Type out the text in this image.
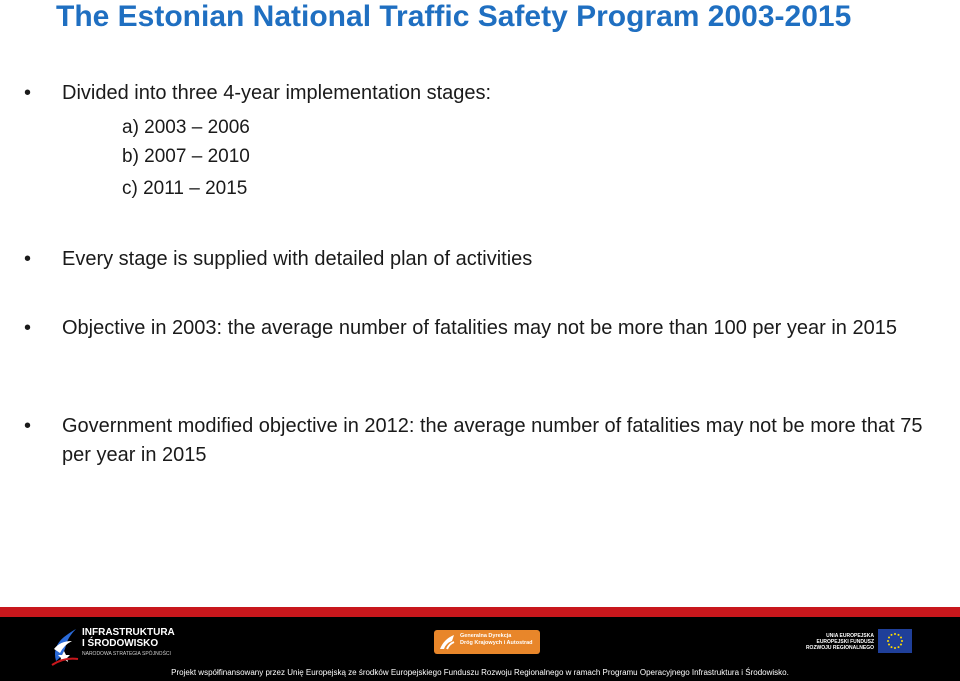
The Estonian National Traffic Safety Program 2003-2015
• Divided into three 4-year implementation stages:
a) 2003 – 2006
b) 2007 – 2010
c) 2011 – 2015
• Every stage is supplied with detailed plan of activities
• Objective in 2003: the average number of fatalities may not be more than 100 per year in 2015
• Government modified objective in 2012: the average number of fatalities may not be more that 75 per year in 2015
INFRASTRUKTURA
I ŚRODOWISKO
NARODOWA STRATEGIA SPÓJNOŚCI
Generalna Dyrekcja
Dróg Krajowych i Autostrad
UNIA EUROPEJSKA
EUROPEJSKI FUNDUSZ
ROZWOJU REGIONALNEGO
Projekt współfinansowany przez Unię Europejską ze środków Europejskiego Funduszu Rozwoju Regionalnego w ramach Programu Operacyjnego Infrastruktura i Środowisko.
